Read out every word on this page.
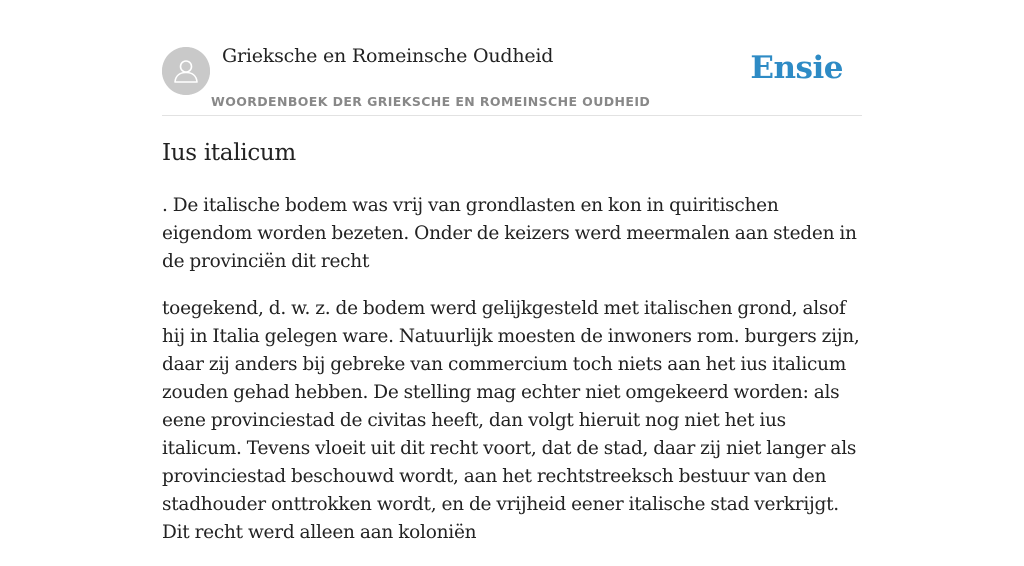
Grieksche en Romeinsche Oudheid
WOORDENBOEK DER GRIEKSCHE EN ROMEINSCHE OUDHEID
Ensie
Ius italicum

. De italische bodem was vrij van grondlasten en kon in quiritischen eigendom worden bezeten. Onder de keizers werd meermalen aan steden in de provinciën dit recht

toegekend, d. w. z. de bodem werd gelijkgesteld met italischen grond, alsof hij in Italia gelegen ware. Natuurlijk moesten de inwoners rom. burgers zijn, daar zij anders bij gebreke van commercium toch niets aan het ius italicum zouden gehad hebben. De stelling mag echter niet omgekeerd worden: als eene provinciestad de civitas heeft, dan volgt hieruit nog niet het ius italicum. Tevens vloeit uit dit recht voort, dat de stad, daar zij niet langer als provinciestad beschouwd wordt, aan het rechtstreeksch bestuur van den stadhouder onttrokken wordt, en de vrijheid eener italische stad verkrijgt. Dit recht werd alleen aan koloniën
